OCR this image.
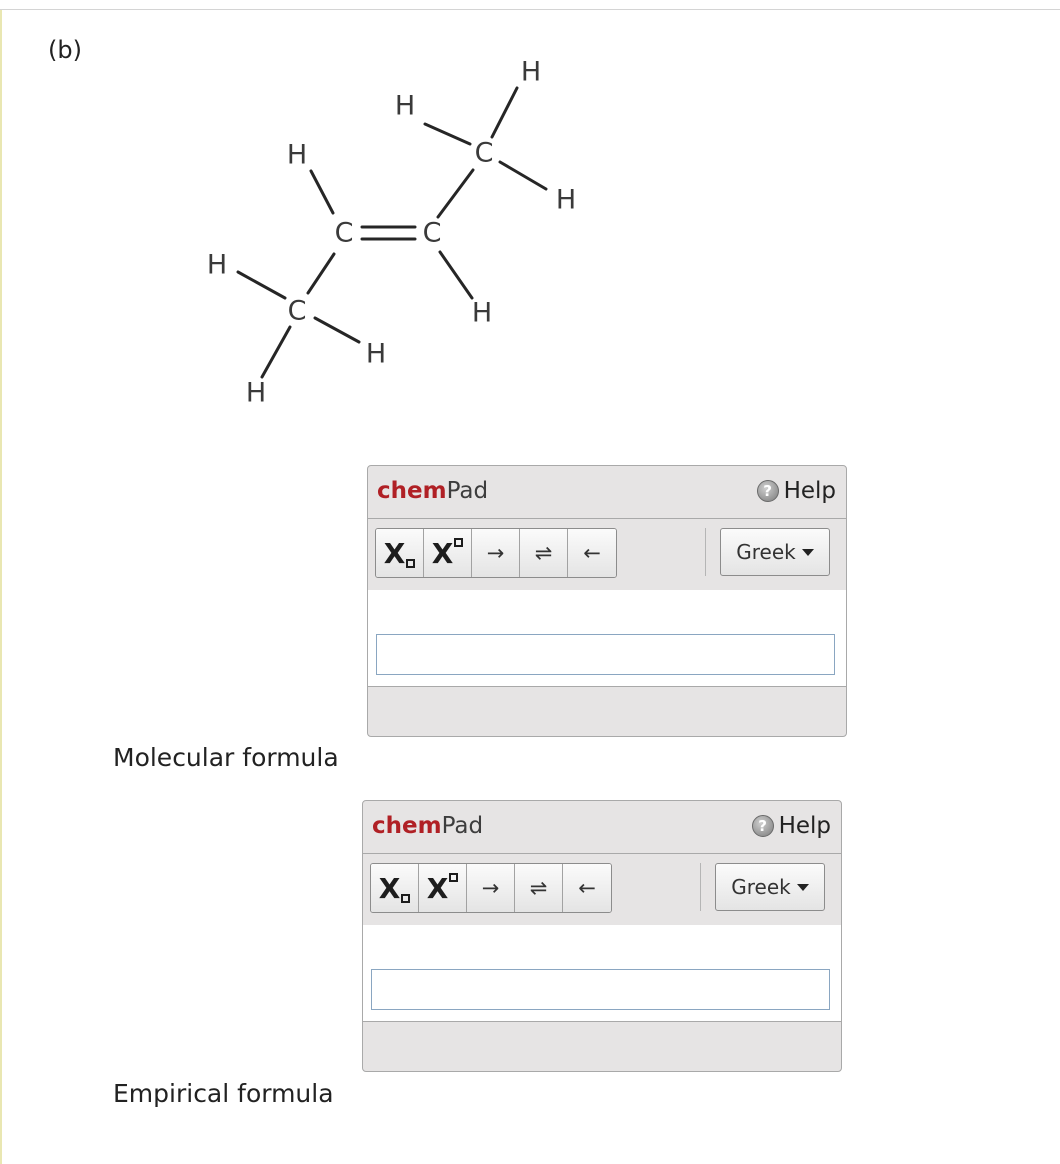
(b)
H
H
C
H
H
C	C
H
H
C
H
H
chemPad	? Help
X X	→	⇌	←	Greek
Molecular formula
chemPad	? Help
X X	→	⇌	←	Greek
Empirical formula
